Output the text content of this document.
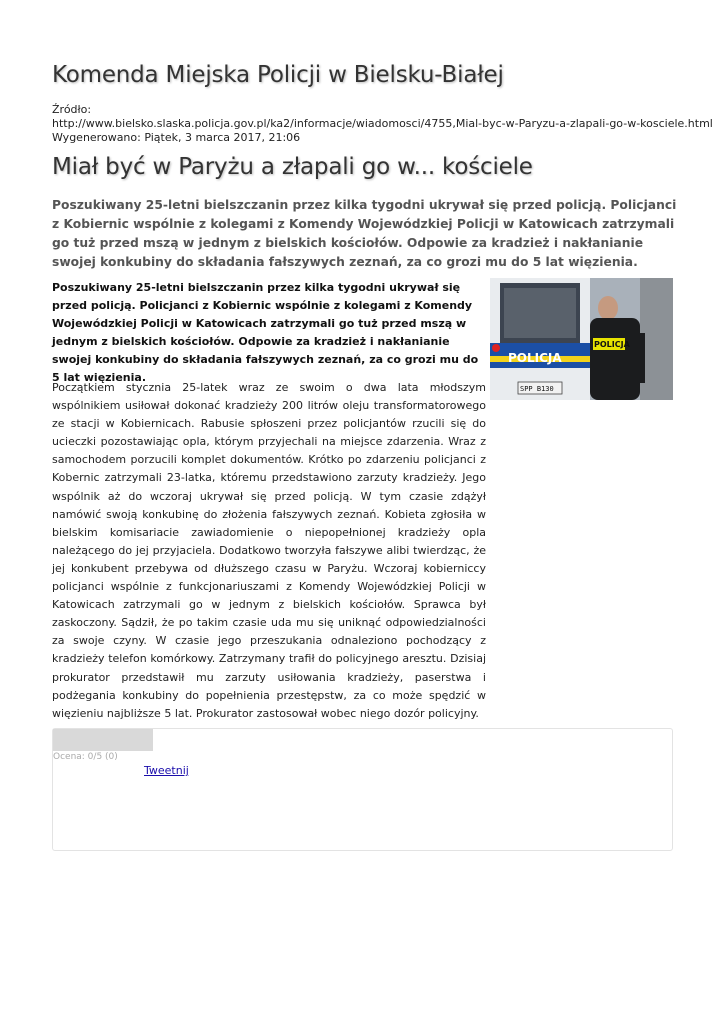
Komenda Miejska Policji w Bielsku-Białej
Źródło:
http://www.bielsko.slaska.policja.gov.pl/ka2/informacje/wiadomosci/4755,Mial-byc-w-Paryzu-a-zlapali-go-w-kosciele.html
Wygenerowano: Piątek, 3 marca 2017, 21:06
Miał być w Paryżu a złapali go w... kościele

Poszukiwany 25-letni bielszczanin przez kilka tygodni ukrywał się przed policją. Policjanci z Kobiernic wspólnie z kolegami z Komendy Wojewódzkiej Policji w Katowicach zatrzymali go tuż przed mszą w jednym z bielskich kościołów. Odpowie za kradzież i nakłanianie swojej konkubiny do składania fałszywych zeznań, za co grozi mu do 5 lat więzienia.

Poszukiwany 25-letni bielszczanin przez kilka tygodni ukrywał się przed policją. Policjanci z Kobiernic wspólnie z kolegami z Komendy Wojewódzkiej Policji w Katowicach zatrzymali go tuż przed mszą w jednym z bielskich kościołów. Odpowie za kradzież i nakłanianie swojej konkubiny do składania fałszywych zeznań, za co grozi mu do 5 lat więzienia.

POLICJA
SPP B130
POLICJA

Początkiem stycznia 25-latek wraz ze swoim o dwa lata młodszym wspólnikiem usiłował dokonać kradzieży 200 litrów oleju transformatorowego ze stacji w Kobiernicach. Rabusie spłoszeni przez policjantów rzucili się do ucieczki pozostawiając opla, którym przyjechali na miejsce zdarzenia. Wraz z samochodem porzucili komplet dokumentów. Krótko po zdarzeniu policjanci z Kobernic zatrzymali 23-latka, któremu przedstawiono zarzuty kradzieży. Jego wspólnik aż do wczoraj ukrywał się przed policją. W tym czasie zdążył namówić swoją konkubinę do złożenia fałszywych zeznań. Kobieta zgłosiła w bielskim komisariacie zawiadomienie o niepopełnionej kradzieży opla należącego do jej przyjaciela. Dodatkowo tworzyła fałszywe alibi twierdząc, że jej konkubent przebywa od dłuższego czasu w Paryżu. Wczoraj kobierniccy policjanci wspólnie z funkcjonariuszami z Komendy Wojewódzkiej Policji w Katowicach zatrzymali go w jednym z bielskich kościołów. Sprawca był zaskoczony. Sądził, że po takim czasie uda mu się uniknąć odpowiedzialności za swoje czyny. W czasie jego przeszukania odnaleziono pochodzący z kradzieży telefon komórkowy. Zatrzymany trafił do policyjnego aresztu. Dzisiaj prokurator przedstawił mu zarzuty usiłowania kradzieży, paserstwa i podżegania konkubiny do popełnienia przestępstw, za co może spędzić w więzieniu najbliższe 5 lat. Prokurator zastosował wobec niego dozór policyjny.

Ocena: 0/5 (0)
Tweetnij
